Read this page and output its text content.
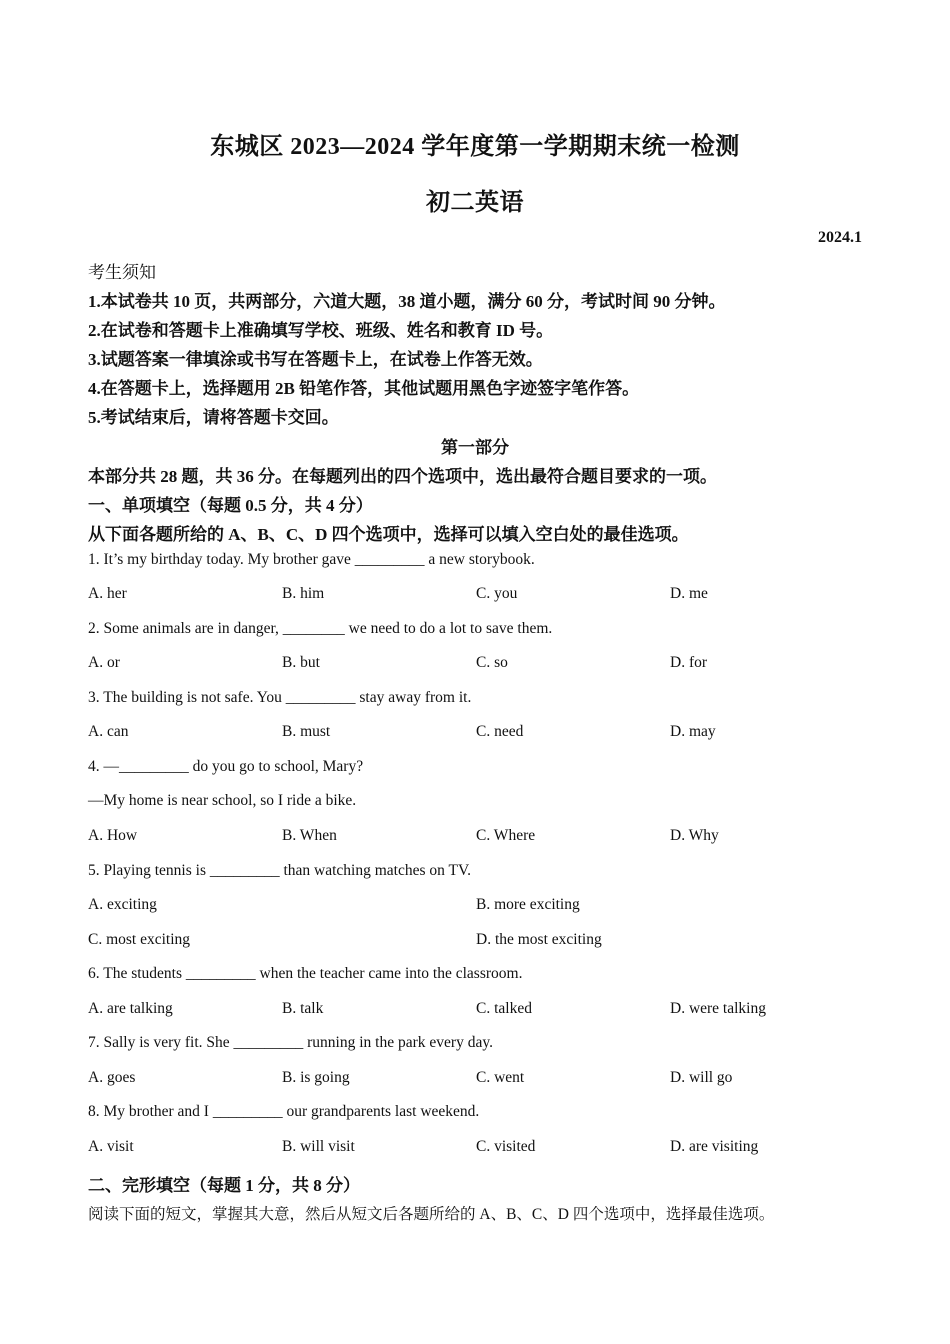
东城区 2023—2024 学年度第一学期期末统一检测
初二英语
2024.1
考生须知
1.本试卷共 10 页，共两部分，六道大题，38 道小题，满分 60 分，考试时间 90 分钟。
2.在试卷和答题卡上准确填写学校、班级、姓名和教育 ID 号。
3.试题答案一律填涂或书写在答题卡上，在试卷上作答无效。
4.在答题卡上，选择题用 2B 铅笔作答，其他试题用黑色字迹签字笔作答。
5.考试结束后，请将答题卡交回。
第一部分
本部分共 28 题，共 36 分。在每题列出的四个选项中，选出最符合题目要求的一项。
一、单项填空（每题 0.5 分，共 4 分）
从下面各题所给的 A、B、C、D 四个选项中，选择可以填入空白处的最佳选项。
1. It’s my birthday today. My brother gave _________ a new storybook.
A. her	B. him	C. you	D. me
2. Some animals are in danger, ________ we need to do a lot to save them.
A. or	B. but	C. so	D. for
3. The building is not safe. You _________ stay away from it.
A. can	B. must	C. need	D. may
4. —_________ do you go to school, Mary?
—My home is near school, so I ride a bike.
A. How	B. When	C. Where	D. Why
5. Playing tennis is _________ than watching matches on TV.
A. exciting	B. more exciting
C. most exciting	D. the most exciting
6. The students _________ when the teacher came into the classroom.
A. are talking	B. talk	C. talked	D. were talking
7. Sally is very fit. She _________ running in the park every day.
A. goes	B. is going	C. went	D. will go
8. My brother and I _________ our grandparents last weekend.
A. visit	B. will visit	C. visited	D. are visiting
二、完形填空（每题 1 分，共 8 分）
阅读下面的短文，掌握其大意，然后从短文后各题所给的 A、B、C、D 四个选项中，选择最佳选项。
